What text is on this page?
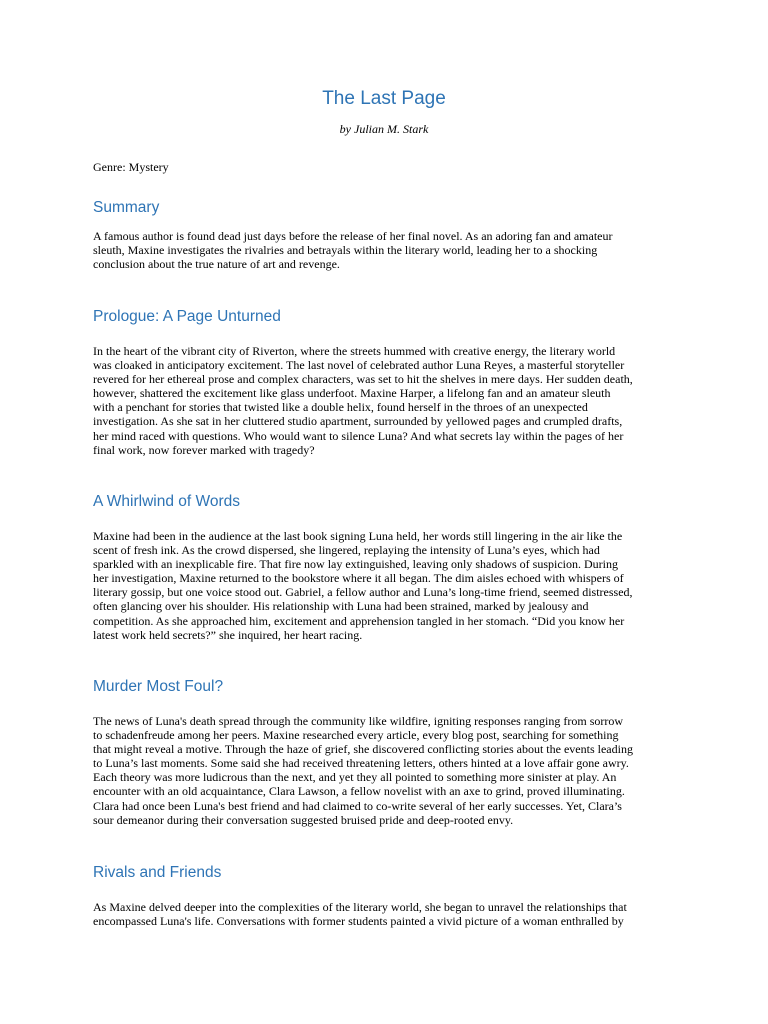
The Last Page
by Julian M. Stark
Genre: Mystery
Summary

A famous author is found dead just days before the release of her final novel. As an adoring fan and amateur
sleuth, Maxine investigates the rivalries and betrayals within the literary world, leading her to a shocking
conclusion about the true nature of art and revenge.

Prologue: A Page Unturned

In the heart of the vibrant city of Riverton, where the streets hummed with creative energy, the literary world
was cloaked in anticipatory excitement. The last novel of celebrated author Luna Reyes, a masterful storyteller
revered for her ethereal prose and complex characters, was set to hit the shelves in mere days. Her sudden death,
however, shattered the excitement like glass underfoot. Maxine Harper, a lifelong fan and an amateur sleuth
with a penchant for stories that twisted like a double helix, found herself in the throes of an unexpected
investigation. As she sat in her cluttered studio apartment, surrounded by yellowed pages and crumpled drafts,
her mind raced with questions. Who would want to silence Luna? And what secrets lay within the pages of her
final work, now forever marked with tragedy?

A Whirlwind of Words

Maxine had been in the audience at the last book signing Luna held, her words still lingering in the air like the
scent of fresh ink. As the crowd dispersed, she lingered, replaying the intensity of Luna’s eyes, which had
sparkled with an inexplicable fire. That fire now lay extinguished, leaving only shadows of suspicion. During
her investigation, Maxine returned to the bookstore where it all began. The dim aisles echoed with whispers of
literary gossip, but one voice stood out. Gabriel, a fellow author and Luna’s long-time friend, seemed distressed,
often glancing over his shoulder. His relationship with Luna had been strained, marked by jealousy and
competition. As she approached him, excitement and apprehension tangled in her stomach. “Did you know her
latest work held secrets?” she inquired, her heart racing.

Murder Most Foul?

The news of Luna's death spread through the community like wildfire, igniting responses ranging from sorrow
to schadenfreude among her peers. Maxine researched every article, every blog post, searching for something
that might reveal a motive. Through the haze of grief, she discovered conflicting stories about the events leading
to Luna’s last moments. Some said she had received threatening letters, others hinted at a love affair gone awry.
Each theory was more ludicrous than the next, and yet they all pointed to something more sinister at play. An
encounter with an old acquaintance, Clara Lawson, a fellow novelist with an axe to grind, proved illuminating.
Clara had once been Luna's best friend and had claimed to co-write several of her early successes. Yet, Clara’s
sour demeanor during their conversation suggested bruised pride and deep-rooted envy.

Rivals and Friends

As Maxine delved deeper into the complexities of the literary world, she began to unravel the relationships that
encompassed Luna's life. Conversations with former students painted a vivid picture of a woman enthralled by
